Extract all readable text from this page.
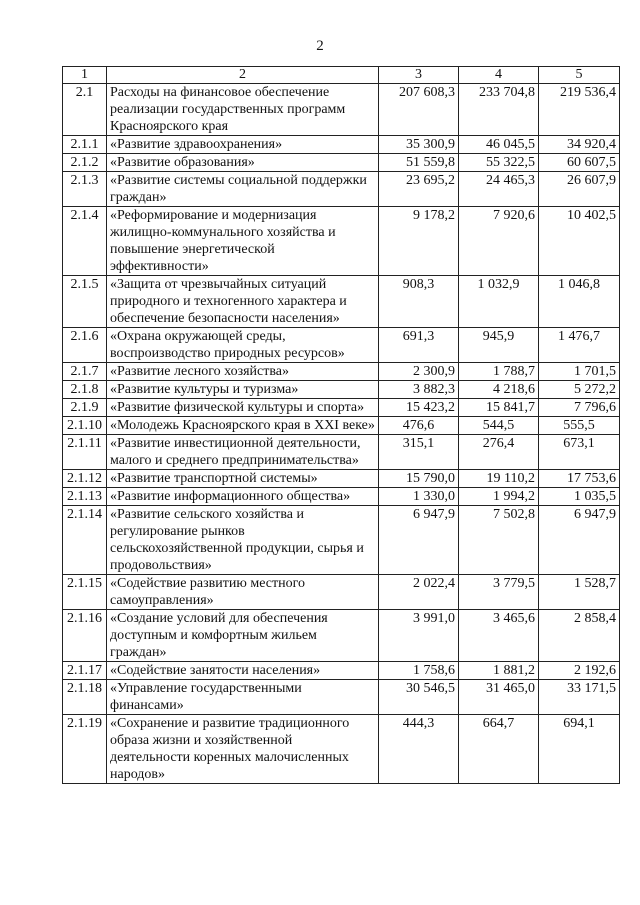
2
1	2	3	4	5
2.1	Расходы на финансовое обеспечение реализации государственных программ Красноярского края	207 608,3	233 704,8	219 536,4
2.1.1	«Развитие здравоохранения»	35 300,9	46 045,5	34 920,4
2.1.2	«Развитие образования»	51 559,8	55 322,5	60 607,5
2.1.3	«Развитие системы социальной поддержки граждан»	23 695,2	24 465,3	26 607,9
2.1.4	«Реформирование и модернизация жилищно-коммунального хозяйства и повышение энергетической эффективности»	9 178,2	7 920,6	10 402,5
2.1.5	«Защита от чрезвычайных ситуаций природного и техногенного характера и обеспечение безопасности населения»	908,3	1 032,9	1 046,8
2.1.6	«Охрана окружающей среды, воспроизводство природных ресурсов»	691,3	945,9	1 476,7
2.1.7	«Развитие лесного хозяйства»	2 300,9	1 788,7	1 701,5
2.1.8	«Развитие культуры и туризма»	3 882,3	4 218,6	5 272,2
2.1.9	«Развитие физической культуры и спорта»	15 423,2	15 841,7	7 796,6
2.1.10	«Молодежь Красноярского края в XXI веке»	476,6	544,5	555,5
2.1.11	«Развитие инвестиционной деятельности, малого и среднего предпринимательства»	315,1	276,4	673,1
2.1.12	«Развитие транспортной системы»	15 790,0	19 110,2	17 753,6
2.1.13	«Развитие информационного общества»	1 330,0	1 994,2	1 035,5
2.1.14	«Развитие сельского хозяйства и регулирование рынков сельскохозяйственной продукции, сырья и продовольствия»	6 947,9	7 502,8	6 947,9
2.1.15	«Содействие развитию местного самоуправления»	2 022,4	3 779,5	1 528,7
2.1.16	«Создание условий для обеспечения доступным и комфортным жильем граждан»	3 991,0	3 465,6	2 858,4
2.1.17	«Содействие занятости населения»	1 758,6	1 881,2	2 192,6
2.1.18	«Управление государственными финансами»	30 546,5	31 465,0	33 171,5
2.1.19	«Сохранение и развитие традиционного образа жизни и хозяйственной деятельности коренных малочисленных народов»	444,3	664,7	694,1
